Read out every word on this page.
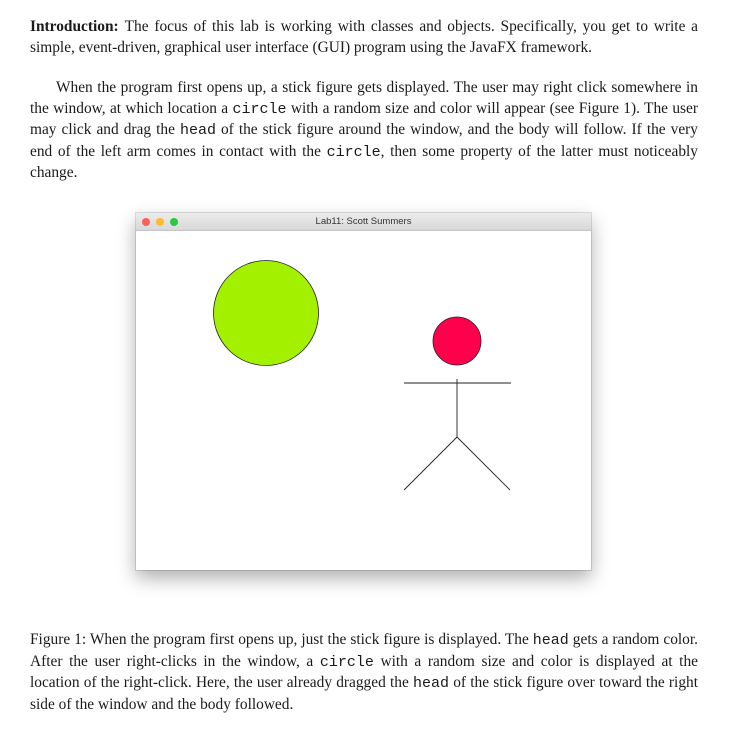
Introduction: The focus of this lab is working with classes and objects. Specifically, you get to write a simple, event-driven, graphical user interface (GUI) program using the JavaFX framework.

When the program first opens up, a stick figure gets displayed. The user may right click somewhere in the window, at which location a circle with a random size and color will appear (see Figure 1). The user may click and drag the head of the stick figure around the window, and the body will follow. If the very end of the left arm comes in contact with the circle, then some property of the latter must noticeably change.

Lab11: Scott Summers

Figure 1: When the program first opens up, just the stick figure is displayed. The head gets a random color. After the user right-clicks in the window, a circle with a random size and color is displayed at the location of the right-click. Here, the user already dragged the head of the stick figure over toward the right side of the window and the body followed.
